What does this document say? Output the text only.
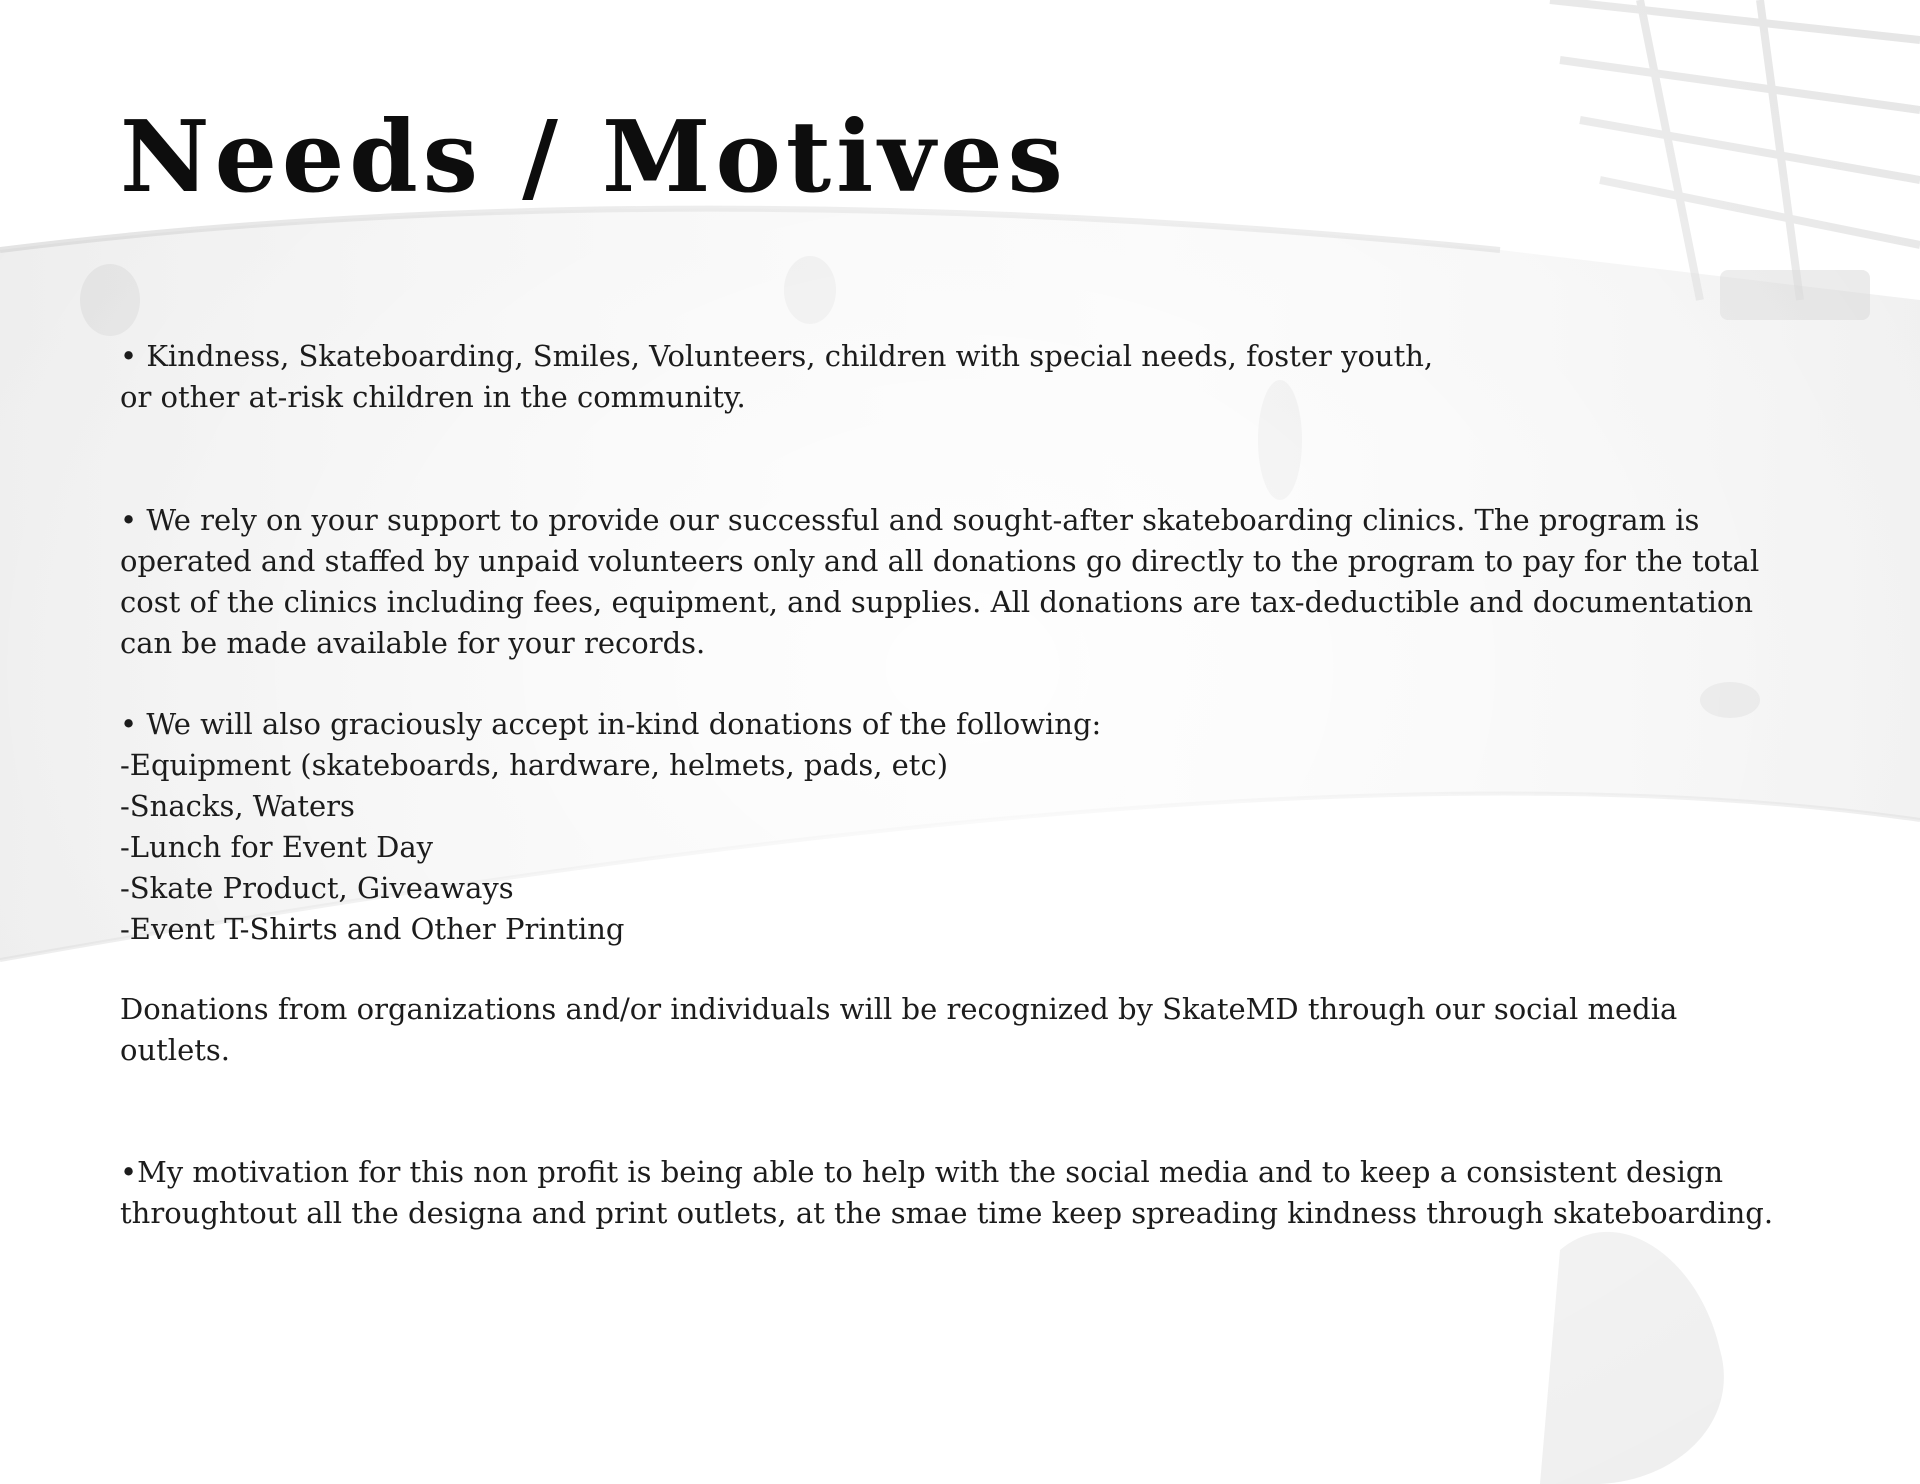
Needs / Motives

• Kindness, Skateboarding, Smiles, Volunteers, children with special needs, foster youth,
or other at-risk children in the community.

• We rely on your support to provide our successful and sought-after skateboarding clinics. The program is
operated and staffed by unpaid volunteers only and all donations go directly to the program to pay for the total
cost of the clinics including fees, equipment, and supplies. All donations are tax-deductible and documentation
can be made available for your records.

• We will also graciously accept in-kind donations of the following:
-Equipment (skateboards, hardware, helmets, pads, etc)
-Snacks, Waters
-Lunch for Event Day
-Skate Product, Giveaways
-Event T-Shirts and Other Printing

Donations from organizations and/or individuals will be recognized by SkateMD through our social media
outlets.

•My motivation for this non profit is being able to help with the social media and to keep a consistent design
throughtout all the designa and print outlets, at the smae time keep spreading kindness through skateboarding.
